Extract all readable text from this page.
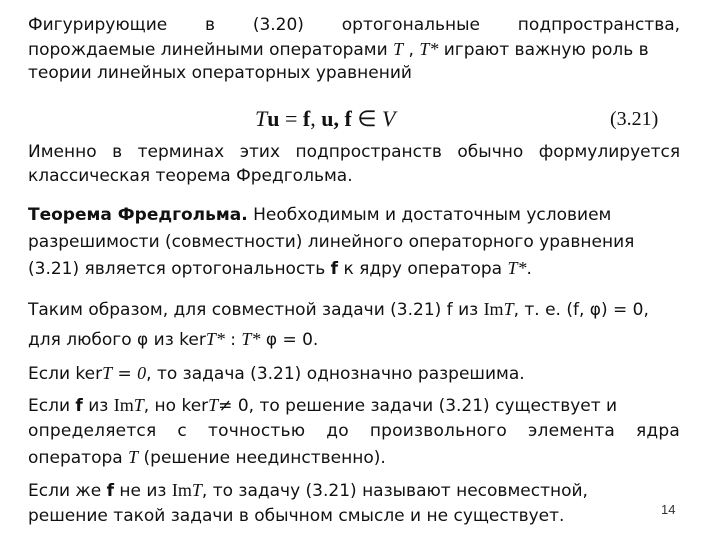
Фигурирующие в (3.20) ортогональные подпространства,
порождаемые линейными операторами T , T* играют важную роль в
теории линейных операторных уравнений
Tu = f, u, f ∈ V	(3.21)
Именно в терминах этих подпространств обычно формулируется
классическая теорема Фредгольма.
Теорема Фредгольма. Необходимым и достаточным условием
разрешимости (совместности) линейного операторного уравнения
(3.21) является ортогональность f к ядру оператора T*.
Таким образом, для совместной задачи (3.21) f из ImT, т. е. (f, φ) = 0,
для любого φ из kerT* : T* φ = 0.
Если kerT = 0, то задача (3.21) однозначно разрешима.
Если f из ImT, но kerT≠ 0, то решение задачи (3.21) существует и
определяется с точностью до произвольного элемента ядра
оператора T (решение неединственно).
Если же f не из ImT, то задачу (3.21) называют несовместной,
решение такой задачи в обычном смысле и не существует.	14
